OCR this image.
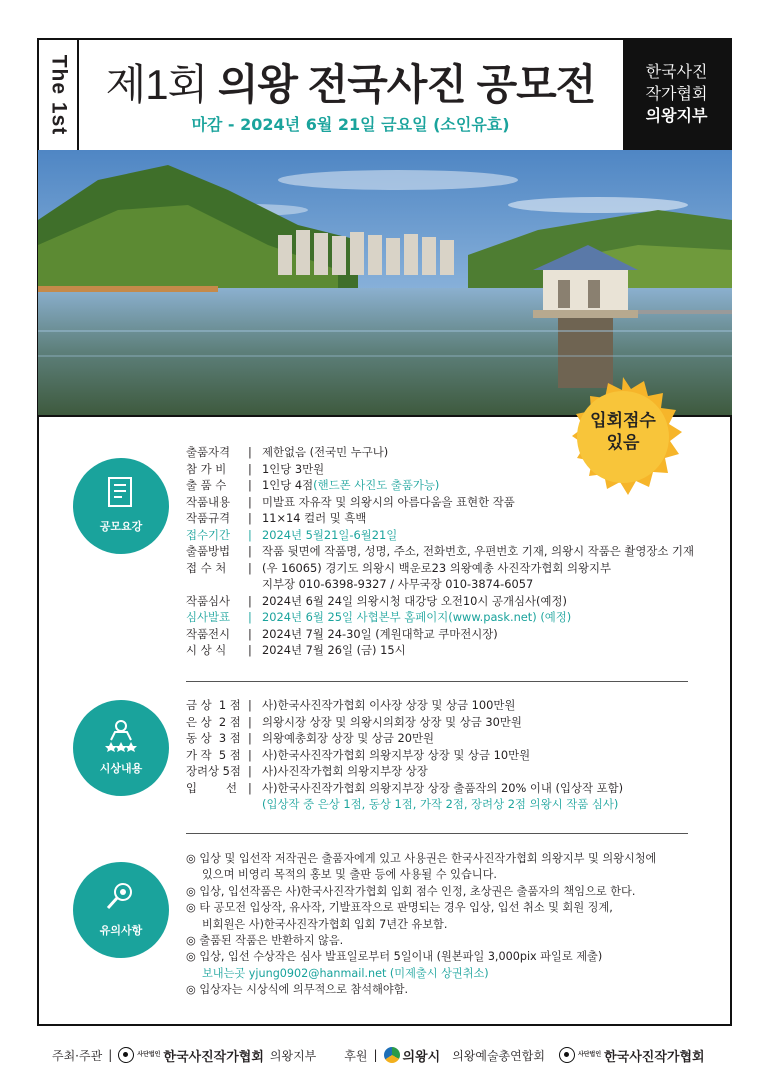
The 1st 제1회 의왕 전국사진 공모전
마감 - 2024년 6월 21일 금요일 (소인유효)
한국사진
작가협회
의왕지부
입회점수
있음
공모요강
출품자격	| 제한없음 (전국민 누구나)
참 가 비	| 1인당 3만원
출 품 수	| 1인당 4점 (핸드폰 사진도 출품가능)
작품내용	| 미발표 자유작 및 의왕시의 아름다움을 표현한 작품
작품규격	| 11×14 컬러 및 흑백
접수기간	| 2024년 5월21일-6월21일
출품방법	| 작품 뒷면에 작품명, 성명, 주소, 전화번호, 우편번호 기재, 의왕시 작품은 촬영장소 기재
접 수 처	| (우 16065) 경기도 의왕시 백운로23 의왕예총 사진작가협회 의왕지부
지부장 010-6398-9327 / 사무국장 010-3874-6057
작품심사	| 2024년 6월 24일 의왕시청 대강당 오전10시 공개심사(예정)
심사발표	| 2024년 6월 25일 사협본부 홈페이지(www.pask.net) (예정)
작품전시	| 2024년 7월 24-30일 (계원대학교 쿠마전시장)
시 상 식	| 2024년 7월 26일 (금) 15시
시상내용
금 상  1 점 | 사)한국사진작가협회 이사장 상장 및 상금 100만원
은 상  2 점 | 의왕시장 상장 및 의왕시의회장 상장 및 상금 30만원
동 상  3 점 | 의왕예총회장 상장 및 상금 20만원
가 작  5 점 | 사)한국사진작가협회 의왕지부장 상장 및 상금 10만원
장려상 5점 | 사)사진작가협회 의왕지부장 상장
입        선 | 사)한국사진작가협회 의왕지부장 상장 출품작의 20% 이내 (입상작 포함)
(입상작 중 은상 1점, 동상 1점, 가작 2점, 장려상 2점 의왕시 작품 심사)
유의사항
◎ 입상 및 입선작 저작권은 출품자에게 있고 사용권은 한국사진작가협회 의왕지부 및 의왕시청에
있으며 비영리 목적의 홍보 및 출판 등에 사용될 수 있습니다.
◎ 입상, 입선작품은 사)한국사진작가협회 입회 점수 인정, 초상권은 출품자의 책임으로 한다.
◎ 타 공모전 입상작, 유사작, 기발표작으로 판명되는 경우 입상, 입선 취소 및 회원 징계,
비회원은 사)한국사진작가협회 입회 7년간 유보함.
◎ 출품된 작품은 반환하지 않음.
◎ 입상, 입선 수상작은 심사 발표일로부터 5일이내 (원본파일 3,000pix 파일로 제출)
보내는곳 yjung0902@hanmail.net (미제출시 상권취소)
◎ 입상자는 시상식에 의무적으로 참석해야함.
주최·주관 |	사단법인 한국사진작가협회 의왕지부 후원 | 의왕시 의왕예술총연합회	사단법인 한국사진작가협회
